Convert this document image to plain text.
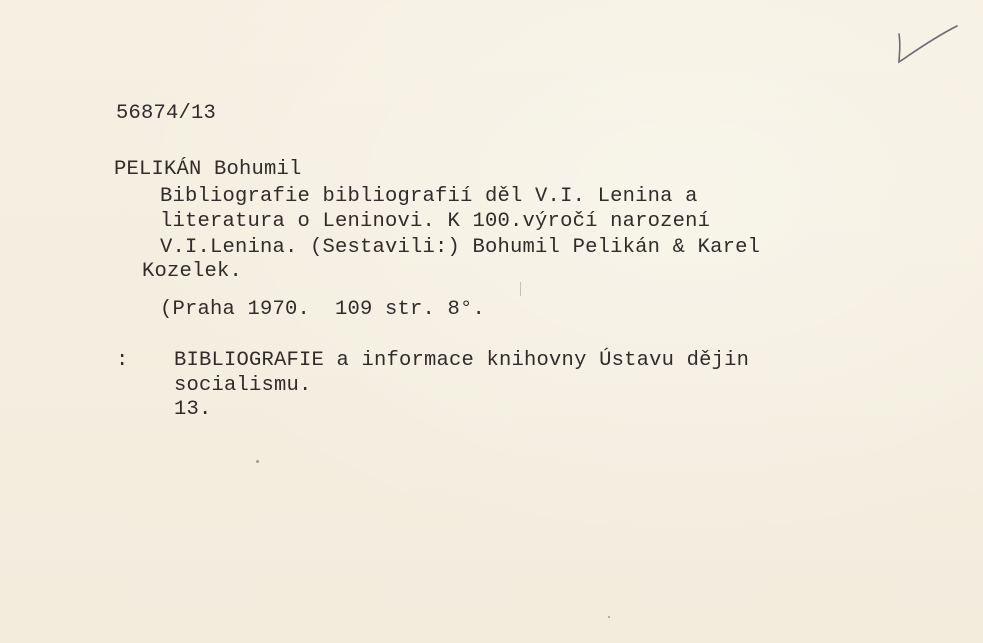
56874/13
PELIKÁN Bohumil
Bibliografie bibliografií děl V.I. Lenina a
literatura o Leninovi. K 100.výročí narození
V.I.Lenina. (Sestavili:) Bohumil Pelikán & Karel
Kozelek.
(Praha 1970.  109 str. 8°.
: BIBLIOGRAFIE a informace knihovny Ústavu dějin
socialismu.
13.
